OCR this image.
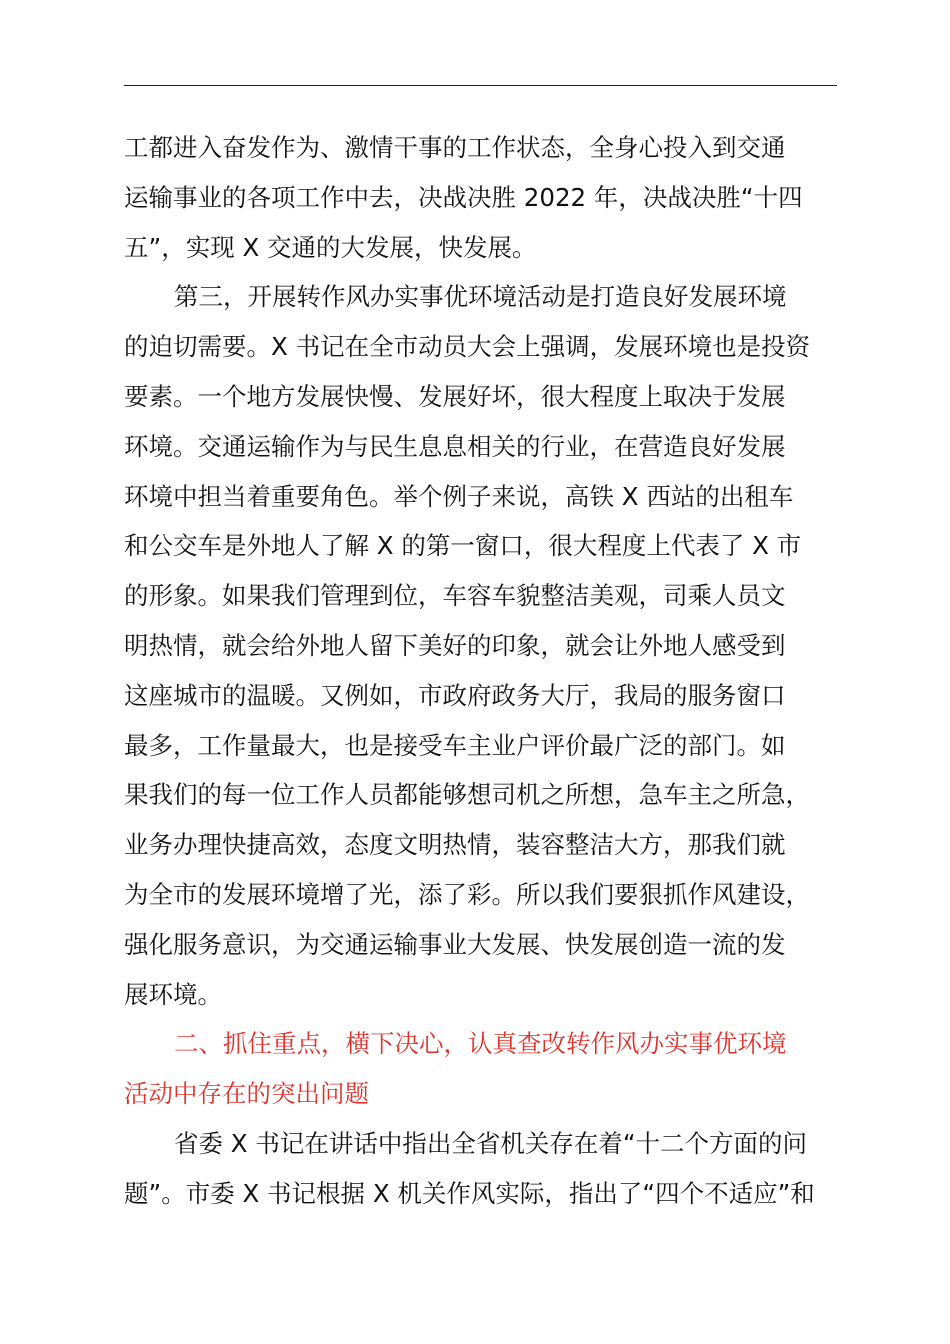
工都进入奋发作为、激情干事的工作状态，全身心投入到交通
运输事业的各项工作中去，决战决胜 2022 年，决战决胜“十四
五”，实现 X 交通的大发展，快发展。
第三，开展转作风办实事优环境活动是打造良好发展环境
的迫切需要。X 书记在全市动员大会上强调，发展环境也是投资
要素。一个地方发展快慢、发展好坏，很大程度上取决于发展
环境。交通运输作为与民生息息相关的行业，在营造良好发展
环境中担当着重要角色。举个例子来说，高铁 X 西站的出租车
和公交车是外地人了解 X 的第一窗口，很大程度上代表了 X 市
的形象。如果我们管理到位，车容车貌整洁美观，司乘人员文
明热情，就会给外地人留下美好的印象，就会让外地人感受到
这座城市的温暖。又例如，市政府政务大厅，我局的服务窗口
最多，工作量最大，也是接受车主业户评价最广泛的部门。如
果我们的每一位工作人员都能够想司机之所想，急车主之所急，
业务办理快捷高效，态度文明热情，装容整洁大方，那我们就
为全市的发展环境增了光，添了彩。所以我们要狠抓作风建设，
强化服务意识，为交通运输事业大发展、快发展创造一流的发
展环境。
二、抓住重点，横下决心，认真查改转作风办实事优环境
活动中存在的突出问题
省委 X 书记在讲话中指出全省机关存在着“十二个方面的问
题”。市委 X 书记根据 X 机关作风实际，指出了“四个不适应”和
